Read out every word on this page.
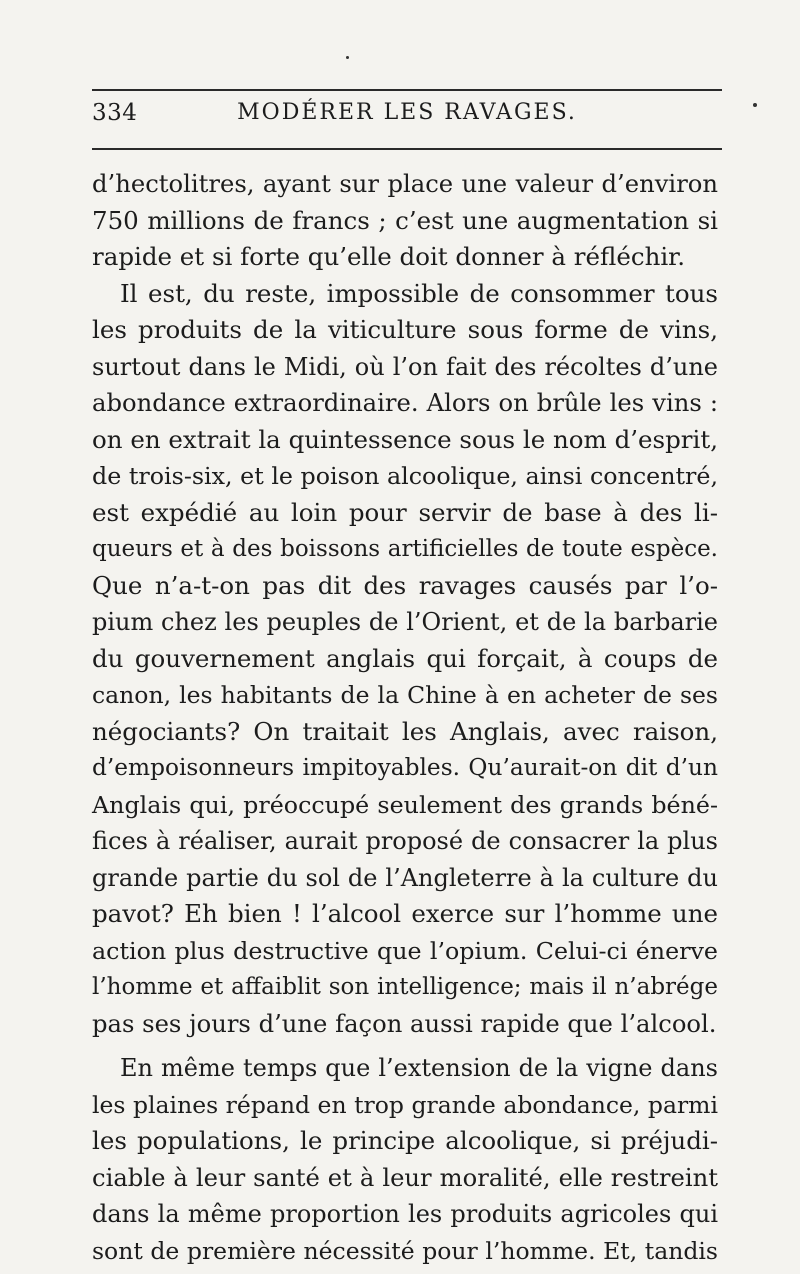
334	MODÉRER LES RAVAGES.
d’hectolitres, ayant sur place une valeur d’environ
750 millions de francs ; c’est une augmentation si
rapide et si forte qu’elle doit donner à réfléchir.
Il est, du reste, impossible de consommer tous
les produits de la viticulture sous forme de vins,
surtout dans le Midi, où l’on fait des récoltes d’une
abondance extraordinaire. Alors on brûle les vins :
on en extrait la quintessence sous le nom d’esprit,
de trois-six, et le poison alcoolique, ainsi concentré,
est expédié au loin pour servir de base à des li-
queurs et à des boissons artificielles de toute espèce.
Que n’a-t-on pas dit des ravages causés par l’o-
pium chez les peuples de l’Orient, et de la barbarie
du gouvernement anglais qui forçait, à coups de
canon, les habitants de la Chine à en acheter de ses
négociants? On traitait les Anglais, avec raison,
d’empoisonneurs impitoyables. Qu’aurait-on dit d’un
Anglais qui, préoccupé seulement des grands béné-
fices à réaliser, aurait proposé de consacrer la plus
grande partie du sol de l’Angleterre à la culture du
pavot? Eh bien ! l’alcool exerce sur l’homme une
action plus destructive que l’opium. Celui-ci énerve
l’homme et affaiblit son intelligence; mais il n’abrége
pas ses jours d’une façon aussi rapide que l’alcool.
En même temps que l’extension de la vigne dans
les plaines répand en trop grande abondance, parmi
les populations, le principe alcoolique, si préjudi-
ciable à leur santé et à leur moralité, elle restreint
dans la même proportion les produits agricoles qui
sont de première nécessité pour l’homme. Et, tandis
